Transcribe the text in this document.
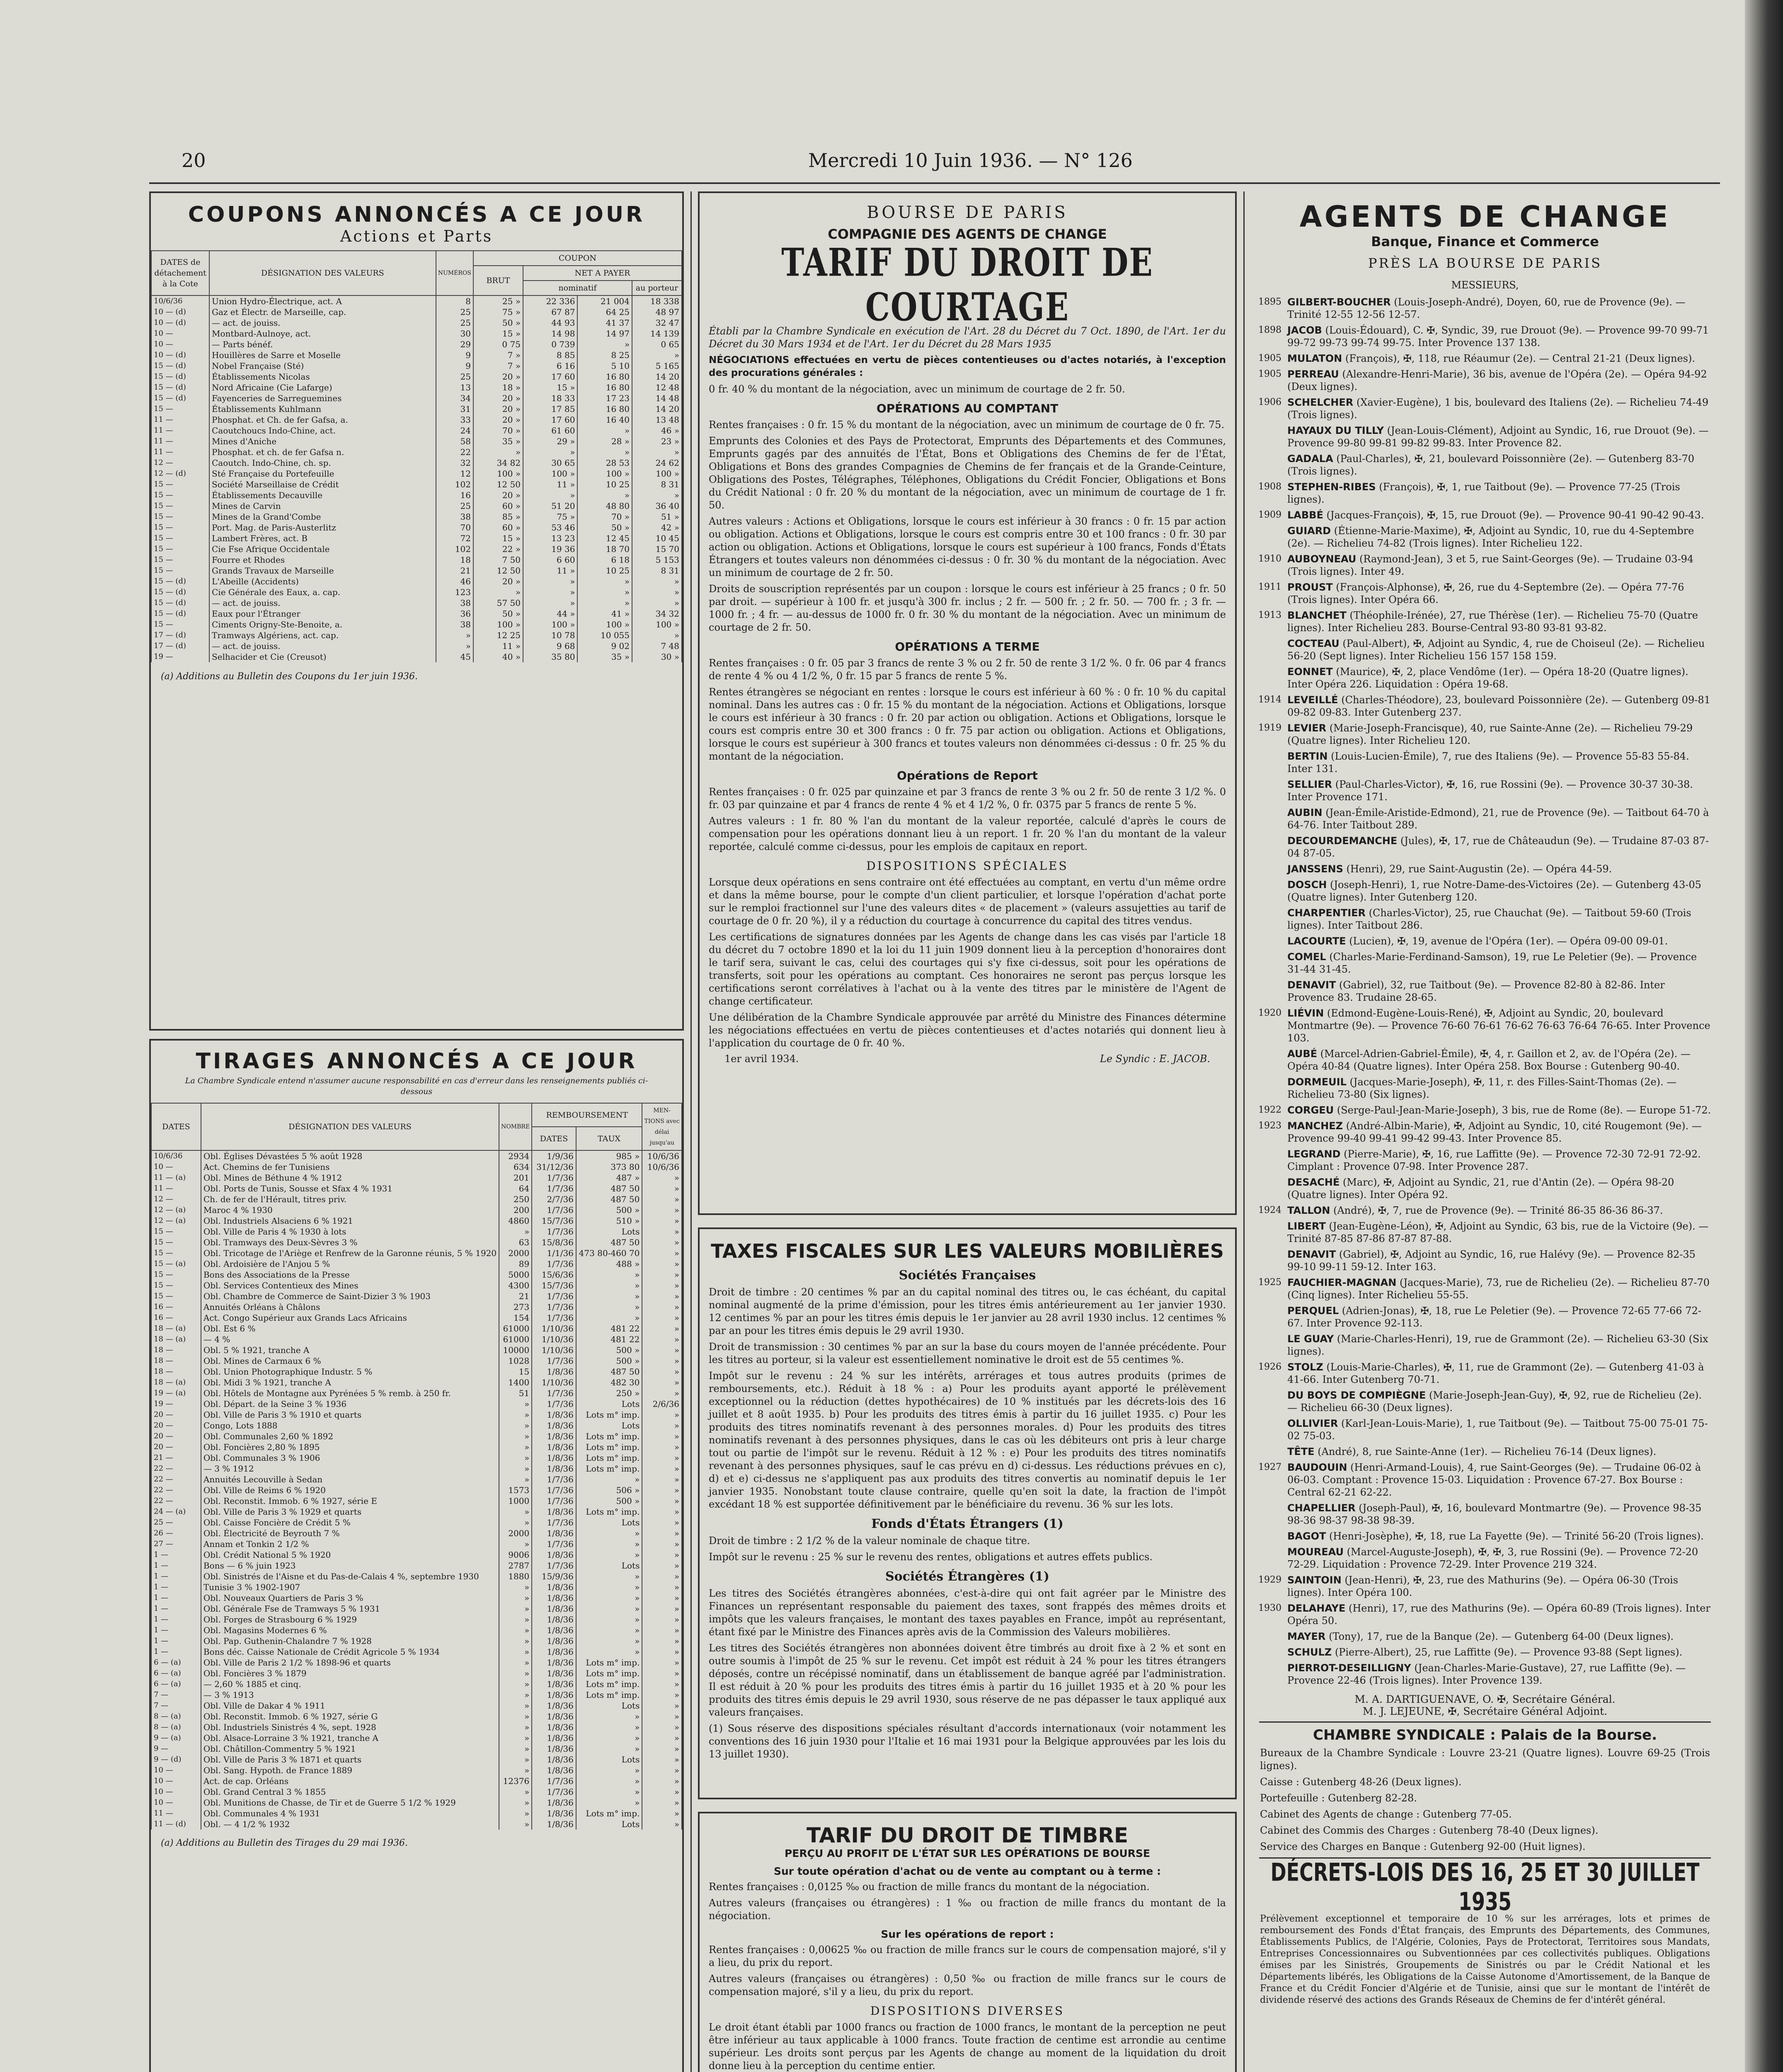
20	Mercredi 10 Juin 1936. — N° 126
COUPONS ANNONCÉS A CE JOUR
Actions et Parts
DATES de détachement à la Cote	DÉSIGNATION DES VALEURS	NUMÉROS	COUPON			
			BRUT	NET A PAYER		
				nominatif		au porteur
10/6/36	Union Hydro-Électrique, act. A	8	25 »	22 336	21 004	18 338
10 — (d)	Gaz et Électr. de Marseille, cap.	25	75 »	67 87	64 25	48 97
10 — (d)	— act. de jouiss.	25	50 »	44 93	41 37	32 47
10 —	Montbard-Aulnoye, act.	30	15 »	14 98	14 97	14 139
10 —	— Parts bénéf.	29	0 75	0 739	»	0 65
10 — (d)	Houillères de Sarre et Moselle	9	7 »	8 85	8 25	»
15 — (d)	Nobel Française (Sté)	9	7 »	6 16	5 10	5 165
15 — (d)	Établissements Nicolas	25	20 »	17 60	16 80	14 20
15 — (d)	Nord Africaine (Cie Lafarge)	13	18 »	15 »	16 80	12 48
15 — (d)	Fayenceries de Sarreguemines	34	20 »	18 33	17 23	14 48
15 —	Établissements Kuhlmann	31	20 »	17 85	16 80	14 20
11 —	Phosphat. et Ch. de fer Gafsa, a.	33	20 »	17 60	16 40	13 48
11 —	Caoutchoucs Indo-Chine, act.	24	70 »	61 60	»	46 »
11 —	Mines d'Aniche	58	35 »	29 »	28 »	23 »
11 —	Phosphat. et ch. de fer Gafsa n.	22	»	»	»	»
12 —	Caoutch. Indo-Chine, ch. sp.	32	34 82	30 65	28 53	24 62
12 — (d)	Sté Française du Portefeuille	12	100 »	100 »	100 »	100 »
15 —	Société Marseillaise de Crédit	102	12 50	11 »	10 25	8 31
15 —	Établissements Decauville	16	20 »	»	»	»
15 —	Mines de Carvin	25	60 »	51 20	48 80	36 40
15 —	Mines de la Grand'Combe	38	85 »	75 »	70 »	51 »
15 —	Port. Mag. de Paris-Austerlitz	70	60 »	53 46	50 »	42 »
15 —	Lambert Frères, act. B	72	15 »	13 23	12 45	10 45
15 —	Cie Fse Afrique Occidentale	102	22 »	19 36	18 70	15 70
15 —	Fourre et Rhodes	18	7 50	6 60	6 18	5 153
15 —	Grands Travaux de Marseille	21	12 50	11 »	10 25	8 31
15 — (d)	L'Abeille (Accidents)	46	20 »	»	»	»
15 — (d)	Cie Générale des Eaux, a. cap.	123	»	»	»	»
15 — (d)	— act. de jouiss.	38	57 50	»	»	»
15 — (d)	Eaux pour l'Étranger	36	50 »	44 »	41 »	34 32
15 —	Ciments Origny-Ste-Benoite, a.	38	100 »	100 »	100 »	100 »
17 — (d)	Tramways Algériens, act. cap.	»	12 25	10 78	10 055	»
17 — (d)	— act. de jouiss.	»	11 »	9 68	9 02	7 48
19 —	Selhacider et Cie (Creusot)	45	40 »	35 80	35 »	30 »
(a) Additions au Bulletin des Coupons du 1er juin 1936.
TIRAGES ANNONCÉS A CE JOUR
La Chambre Syndicale entend n'assumer aucune responsabilité en cas d'erreur dans les renseignements publiés ci-dessous
DATES	DÉSIGNATION DES VALEURS	NOMBRE	REMBOURSEMENT		MEN-TIONS avec délai jusqu'au
			DATES	TAUX	
10/6/36	Obl. Églises Dévastées 5 % août 1928	2934	1/9/36	985 »	10/6/36
10 —	Act. Chemins de fer Tunisiens	634	31/12/36	373 80	10/6/36
11 — (a)	Obl. Mines de Béthune 4 % 1912	201	1/7/36	487 »	»
11 —	Obl. Ports de Tunis, Sousse et Sfax 4 % 1931	64	1/7/36	487 50	»
12 —	Ch. de fer de l'Hérault, titres priv.	250	2/7/36	487 50	»
12 — (a)	Maroc 4 % 1930	200	1/7/36	500 »	»
12 — (a)	Obl. Industriels Alsaciens 6 % 1921	4860	15/7/36	510 »	»
15 —	Obl. Ville de Paris 4 % 1930 à lots	»	1/7/36	Lots	»
15 —	Obl. Tramways des Deux-Sèvres 3 %	63	15/8/36	487 50	»
15 —	Obl. Tricotage de l'Ariège et Renfrew de la Garonne réunis, 5 % 1920	2000	1/1/36	473 80-460 70	»
15 — (a)	Obl. Ardoisière de l'Anjou 5 %	89	1/7/36	488 »	»
15 —	Bons des Associations de la Presse	5000	15/6/36	»	»
15 —	Obl. Services Contentieux des Mines	4300	15/7/36	»	»
15 —	Obl. Chambre de Commerce de Saint-Dizier 3 % 1903	21	1/7/36	»	»
16 —	Annuités Orléans à Châlons	273	1/7/36	»	»
16 —	Act. Congo Supérieur aux Grands Lacs Africains	154	1/7/36	»	»
18 — (a)	Obl. Est 6 %	61000	1/10/36	481 22	»
18 — (a)	— 4 %	61000	1/10/36	481 22	»
18 —	Obl. 5 % 1921, tranche A	10000	1/10/36	500 »	»
18 —	Obl. Mines de Carmaux 6 %	1028	1/7/36	500 »	»
18 —	Obl. Union Photographique Industr. 5 %	15	1/8/36	487 50	»
18 — (a)	Obl. Midi 3 % 1921, tranche A	1400	1/10/36	482 30	»
19 — (a)	Obl. Hôtels de Montagne aux Pyrénées 5 % remb. à 250 fr.	51	1/7/36	250 »	»
19 —	Obl. Départ. de la Seine 3 % 1936	»	1/7/36	Lots	2/6/36
20 —	Obl. Ville de Paris 3 % 1910 et quarts	»	1/8/36	Lots m° imp.	»
20 —	Congo, Lots 1888	»	1/8/36	Lots	»
20 —	Obl. Communales 2,60 % 1892	»	1/8/36	Lots m° imp.	»
20 —	Obl. Foncières 2,80 % 1895	»	1/8/36	Lots m° imp.	»
21 —	Obl. Communales 3 % 1906	»	1/8/36	Lots m° imp.	»
22 —	— 3 % 1912	»	1/8/36	Lots m° imp.	»
22 —	Annuités Lecouville à Sedan	»	1/7/36	»	»
22 —	Obl. Ville de Reims 6 % 1920	1573	1/7/36	506 »	»
22 —	Obl. Reconstit. Immob. 6 % 1927, série E	1000	1/7/36	500 »	»
24 — (a)	Obl. Ville de Paris 3 % 1929 et quarts	»	1/8/36	Lots m° imp.	»
25 —	Obl. Caisse Foncière de Crédit 5 %	»	1/7/36	Lots	»
26 —	Obl. Électricité de Beyrouth 7 %	2000	1/8/36	»	»
27 —	Annam et Tonkin 2 1/2 %	»	1/7/36	»	»
1 —	Obl. Crédit National 5 % 1920	9006	1/8/36	»	»
1 —	Bons — 6 % juin 1923	2787	1/7/36	Lots	»
1 —	Obl. Sinistrés de l'Aisne et du Pas-de-Calais 4 %, septembre 1930	1880	15/9/36	»	»
1 —	Tunisie 3 % 1902-1907	»	1/8/36	»	»
1 —	Obl. Nouveaux Quartiers de Paris 3 %	»	1/8/36	»	»
1 —	Obl. Générale Fse de Tramways 5 % 1931	»	1/8/36	»	»
1 —	Obl. Forges de Strasbourg 6 % 1929	»	1/8/36	»	»
1 —	Obl. Magasins Modernes 6 %	»	1/8/36	»	»
1 —	Obl. Pap. Guthenin-Chalandre 7 % 1928	»	1/8/36	»	»
1 —	Bons déc. Caisse Nationale de Crédit Agricole 5 % 1934	»	1/8/36	»	»
6 — (a)	Obl. Ville de Paris 2 1/2 % 1898-96 et quarts	»	1/8/36	Lots m° imp.	»
6 — (a)	Obl. Foncières 3 % 1879	»	1/8/36	Lots m° imp.	»
6 — (a)	— 2,60 % 1885 et cinq.	»	1/8/36	Lots m° imp.	»
7 —	— 3 % 1913	»	1/8/36	Lots m° imp.	»
7 —	Obl. Ville de Dakar 4 % 1911	»	1/8/36	Lots	»
8 — (a)	Obl. Reconstit. Immob. 6 % 1927, série G	»	1/8/36	»	»
8 — (a)	Obl. Industriels Sinistrés 4 %, sept. 1928	»	1/8/36	»	»
9 — (a)	Obl. Alsace-Lorraine 3 % 1921, tranche A	»	1/8/36	»	»
9 —	Obl. Châtillon-Commentry 5 % 1921	»	1/8/36	»	»
9 — (d)	Obl. Ville de Paris 3 % 1871 et quarts	»	1/8/36	Lots	»
10 —	Obl. Sang. Hypoth. de France 1889	»	1/8/36	»	»
10 —	Act. de cap. Orléans	12376	1/7/36	»	»
10 —	Obl. Grand Central 3 % 1855	»	1/7/36	»	»
10 —	Obl. Munitions de Chasse, de Tir et de Guerre 5 1/2 % 1929	»	1/8/36	»	»
11 —	Obl. Communales 4 % 1931	»	1/8/36	Lots m° imp.	»
11 — (d)	Obl. — 4 1/2 % 1932	»	1/8/36	Lots	»
(a) Additions au Bulletin des Tirages du 29 mai 1936.
BOURSE DE PARIS
COMPAGNIE DES AGENTS DE CHANGE
TARIF DU DROIT DE COURTAGE
Établi par la Chambre Syndicale en exécution de l'Art. 28 du Décret du 7 Oct. 1890, de l'Art. 1er du Décret du 30 Mars 1934 et de l'Art. 1er du Décret du 28 Mars 1935
NÉGOCIATIONS effectuées en vertu de pièces contentieuses ou d'actes notariés, à l'exception des procurations générales :
0 fr. 40 % du montant de la négociation, avec un minimum de courtage de 2 fr. 50.
OPÉRATIONS AU COMPTANT
Rentes françaises : 0 fr. 15 % du montant de la négociation, avec un minimum de courtage de 0 fr. 75.
Emprunts des Colonies et des Pays de Protectorat, Emprunts des Départements et des Communes, Emprunts gagés par des annuités de l'État, Bons et Obligations des Chemins de fer de l'État, Obligations et Bons des grandes Compagnies de Chemins de fer français et de la Grande-Ceinture, Obligations des Postes, Télégraphes, Téléphones, Obligations du Crédit Foncier, Obligations et Bons du Crédit National : 0 fr. 20 % du montant de la négociation, avec un minimum de courtage de 1 fr. 50.
Autres valeurs : Actions et Obligations, lorsque le cours est inférieur à 30 francs : 0 fr. 15 par action ou obligation. Actions et Obligations, lorsque le cours est compris entre 30 et 100 francs : 0 fr. 30 par action ou obligation. Actions et Obligations, lorsque le cours est supérieur à 100 francs, Fonds d'États Étrangers et toutes valeurs non dénommées ci-dessus : 0 fr. 30 % du montant de la négociation. Avec un minimum de courtage de 2 fr. 50.
Droits de souscription représentés par un coupon : lorsque le cours est inférieur à 25 francs ; 0 fr. 50 par droit. — supérieur à 100 fr. et jusqu'à 300 fr. inclus ; 2 fr. — 500 fr. ; 2 fr. 50. — 700 fr. ; 3 fr. — 1000 fr. ; 4 fr. — au-dessus de 1000 fr. 0 fr. 30 % du montant de la négociation. Avec un minimum de courtage de 2 fr. 50.
OPÉRATIONS A TERME
Rentes françaises : 0 fr. 05 par 3 francs de rente 3 % ou 2 fr. 50 de rente 3 1/2 %. 0 fr. 06 par 4 francs de rente 4 % ou 4 1/2 %, 0 fr. 15 par 5 francs de rente 5 %.
Rentes étrangères se négociant en rentes : lorsque le cours est inférieur à 60 % : 0 fr. 10 % du capital nominal. Dans les autres cas : 0 fr. 15 % du montant de la négociation. Actions et Obligations, lorsque le cours est inférieur à 30 francs : 0 fr. 20 par action ou obligation. Actions et Obligations, lorsque le cours est compris entre 30 et 300 francs : 0 fr. 75 par action ou obligation. Actions et Obligations, lorsque le cours est supérieur à 300 francs et toutes valeurs non dénommées ci-dessus : 0 fr. 25 % du montant de la négociation.
Opérations de Report
Rentes françaises : 0 fr. 025 par quinzaine et par 3 francs de rente 3 % ou 2 fr. 50 de rente 3 1/2 %. 0 fr. 03 par quinzaine et par 4 francs de rente 4 % et 4 1/2 %, 0 fr. 0375 par 5 francs de rente 5 %.
Autres valeurs : 1 fr. 80 % l'an du montant de la valeur reportée, calculé d'après le cours de compensation pour les opérations donnant lieu à un report. 1 fr. 20 % l'an du montant de la valeur reportée, calculé comme ci-dessus, pour les emplois de capitaux en report.
DISPOSITIONS SPÉCIALES
Lorsque deux opérations en sens contraire ont été effectuées au comptant, en vertu d'un même ordre et dans la même bourse, pour le compte d'un client particulier, et lorsque l'opération d'achat porte sur le remploi fractionnel sur l'une des valeurs dites « de placement » (valeurs assujetties au tarif de courtage de 0 fr. 20 %), il y a réduction du courtage à concurrence du capital des titres vendus.
Les certifications de signatures données par les Agents de change dans les cas visés par l'article 18 du décret du 7 octobre 1890 et la loi du 11 juin 1909 donnent lieu à la perception d'honoraires dont le tarif sera, suivant le cas, celui des courtages qui s'y fixe ci-dessus, soit pour les opérations de transferts, soit pour les opérations au comptant. Ces honoraires ne seront pas perçus lorsque les certifications seront corrélatives à l'achat ou à la vente des titres par le ministère de l'Agent de change certificateur.
Une délibération de la Chambre Syndicale approuvée par arrêté du Ministre des Finances détermine les négociations effectuées en vertu de pièces contentieuses et d'actes notariés qui donnent lieu à l'application du courtage de 0 fr. 40 %.
1er avril 1934.	Le Syndic : E. JACOB.
TAXES FISCALES SUR LES VALEURS MOBILIÈRES
Sociétés Françaises
Droit de timbre : 20 centimes % par an du capital nominal des titres ou, le cas échéant, du capital nominal augmenté de la prime d'émission, pour les titres émis antérieurement au 1er janvier 1930. 12 centimes % par an pour les titres émis depuis le 1er janvier au 28 avril 1930 inclus. 12 centimes % par an pour les titres émis depuis le 29 avril 1930.
Droit de transmission : 30 centimes % par an sur la base du cours moyen de l'année précédente. Pour les titres au porteur, si la valeur est essentiellement nominative le droit est de 55 centimes %.
Impôt sur le revenu : 24 % sur les intérêts, arrérages et tous autres produits (primes de remboursements, etc.). Réduit à 18 % : a) Pour les produits ayant apporté le prélèvement exceptionnel ou la réduction (dettes hypothécaires) de 10 % institués par les décrets-lois des 16 juillet et 8 août 1935. b) Pour les produits des titres émis à partir du 16 juillet 1935. c) Pour les produits des titres nominatifs revenant à des personnes morales. d) Pour les produits des titres nominatifs revenant à des personnes physiques, dans le cas où les débiteurs ont pris à leur charge tout ou partie de l'impôt sur le revenu. Réduit à 12 % : e) Pour les produits des titres nominatifs revenant à des personnes physiques, sauf le cas prévu en d) ci-dessus. Les réductions prévues en c), d) et e) ci-dessus ne s'appliquent pas aux produits des titres convertis au nominatif depuis le 1er janvier 1935. Nonobstant toute clause contraire, quelle qu'en soit la date, la fraction de l'impôt excédant 18 % est supportée définitivement par le bénéficiaire du revenu. 36 % sur les lots.
Fonds d'États Étrangers (1)
Droit de timbre : 2 1/2 % de la valeur nominale de chaque titre.
Impôt sur le revenu : 25 % sur le revenu des rentes, obligations et autres effets publics.
Sociétés Étrangères (1)
Les titres des Sociétés étrangères abonnées, c'est-à-dire qui ont fait agréer par le Ministre des Finances un représentant responsable du paiement des taxes, sont frappés des mêmes droits et impôts que les valeurs françaises, le montant des taxes payables en France, impôt au représentant, étant fixé par le Ministre des Finances après avis de la Commission des Valeurs mobilières.
Les titres des Sociétés étrangères non abonnées doivent être timbrés au droit fixe à 2 % et sont en outre soumis à l'impôt de 25 % sur le revenu. Cet impôt est réduit à 24 % pour les titres étrangers déposés, contre un récépissé nominatif, dans un établissement de banque agréé par l'administration. Il est réduit à 20 % pour les produits des titres émis à partir du 16 juillet 1935 et à 20 % pour les produits des titres émis depuis le 29 avril 1930, sous réserve de ne pas dépasser le taux appliqué aux valeurs françaises.
(1) Sous réserve des dispositions spéciales résultant d'accords internationaux (voir notamment les conventions des 16 juin 1930 pour l'Italie et 16 mai 1931 pour la Belgique approuvées par les lois du 13 juillet 1930).
TARIF DU DROIT DE TIMBRE
PERÇU AU PROFIT DE L'ÉTAT SUR LES OPÉRATIONS DE BOURSE
Sur toute opération d'achat ou de vente au comptant ou à terme :
Rentes françaises : 0,0125 ‰ ou fraction de mille francs du montant de la négociation.
Autres valeurs (françaises ou étrangères) : 1 ‰ ou fraction de mille francs du montant de la négociation.
Sur les opérations de report :
Rentes françaises : 0,00625 ‰ ou fraction de mille francs sur le cours de compensation majoré, s'il y a lieu, du prix du report.
Autres valeurs (françaises ou étrangères) : 0,50 ‰ ou fraction de mille francs sur le cours de compensation majoré, s'il y a lieu, du prix du report.
DISPOSITIONS DIVERSES
Le droit étant établi par 1000 francs ou fraction de 1000 francs, le montant de la perception ne peut être inférieur au taux applicable à 1000 francs. Toute fraction de centime est arrondie au centime supérieur. Les droits sont perçus par les Agents de change au moment de la liquidation du droit donne lieu à la perception du centime entier.
AGENTS DE CHANGE
Banque, Finance et Commerce
PRÈS LA BOURSE DE PARIS
MESSIEURS,
1895 GILBERT-BOUCHER (Louis-Joseph-André), Doyen, 60, rue de Provence (9e). — Trinité 12-55 12-56 12-57.
1898 JACOB (Louis-Édouard), C. ✠, Syndic, 39, rue Drouot (9e). — Provence 99-70 99-71 99-72 99-73 99-74 99-75. Inter Provence 137 138.
1905 MULATON (François), ✠, 118, rue Réaumur (2e). — Central 21-21 (Deux lignes).
1905 PERREAU (Alexandre-Henri-Marie), 36 bis, avenue de l'Opéra (2e). — Opéra 94-92 (Deux lignes).
1906 SCHELCHER (Xavier-Eugène), 1 bis, boulevard des Italiens (2e). — Richelieu 74-49 (Trois lignes).
HAYAUX DU TILLY (Jean-Louis-Clément), Adjoint au Syndic, 16, rue Drouot (9e). — Provence 99-80 99-81 99-82 99-83. Inter Provence 82.
GADALA (Paul-Charles), ✠, 21, boulevard Poissonnière (2e). — Gutenberg 83-70 (Trois lignes).
1908 STEPHEN-RIBES (François), ✠, 1, rue Taitbout (9e). — Provence 77-25 (Trois lignes).
1909 LABBÉ (Jacques-François), ✠, 15, rue Drouot (9e). — Provence 90-41 90-42 90-43.
GUIARD (Étienne-Marie-Maxime), ✠, Adjoint au Syndic, 10, rue du 4-Septembre (2e). — Richelieu 74-82 (Trois lignes). Inter Richelieu 122.
1910 AUBOYNEAU (Raymond-Jean), 3 et 5, rue Saint-Georges (9e). — Trudaine 03-94 (Trois lignes). Inter 49.
1911 PROUST (François-Alphonse), ✠, 26, rue du 4-Septembre (2e). — Opéra 77-76 (Trois lignes). Inter Opéra 66.
1913 BLANCHET (Théophile-Irénée), 27, rue Thérèse (1er). — Richelieu 75-70 (Quatre lignes). Inter Richelieu 283. Bourse-Central 93-80 93-81 93-82.
COCTEAU (Paul-Albert), ✠, Adjoint au Syndic, 4, rue de Choiseul (2e). — Richelieu 56-20 (Sept lignes). Inter Richelieu 156 157 158 159.
EONNET (Maurice), ✠, 2, place Vendôme (1er). — Opéra 18-20 (Quatre lignes). Inter Opéra 226. Liquidation : Opéra 19-68.
1914 LEVEILLÉ (Charles-Théodore), 23, boulevard Poissonnière (2e). — Gutenberg 09-81 09-82 09-83. Inter Gutenberg 237.
1919 LEVIER (Marie-Joseph-Francisque), 40, rue Sainte-Anne (2e). — Richelieu 79-29 (Quatre lignes). Inter Richelieu 120.
BERTIN (Louis-Lucien-Émile), 7, rue des Italiens (9e). — Provence 55-83 55-84. Inter 131.
SELLIER (Paul-Charles-Victor), ✠, 16, rue Rossini (9e). — Provence 30-37 30-38. Inter Provence 171.
AUBIN (Jean-Émile-Aristide-Edmond), 21, rue de Provence (9e). — Taitbout 64-70 à 64-76. Inter Taitbout 289.
DECOURDEMANCHE (Jules), ✠, 17, rue de Châteaudun (9e). — Trudaine 87-03 87-04 87-05.
JANSSENS (Henri), 29, rue Saint-Augustin (2e). — Opéra 44-59.
DOSCH (Joseph-Henri), 1, rue Notre-Dame-des-Victoires (2e). — Gutenberg 43-05 (Quatre lignes). Inter Gutenberg 120.
CHARPENTIER (Charles-Victor), 25, rue Chauchat (9e). — Taitbout 59-60 (Trois lignes). Inter Taitbout 286.
LACOURTE (Lucien), ✠, 19, avenue de l'Opéra (1er). — Opéra 09-00 09-01.
COMEL (Charles-Marie-Ferdinand-Samson), 19, rue Le Peletier (9e). — Provence 31-44 31-45.
DENAVIT (Gabriel), 32, rue Taitbout (9e). — Provence 82-80 à 82-86. Inter Provence 83. Trudaine 28-65.
1920 LIÉVIN (Edmond-Eugène-Louis-René), ✠, Adjoint au Syndic, 20, boulevard Montmartre (9e). — Provence 76-60 76-61 76-62 76-63 76-64 76-65. Inter Provence 103.
AUBÉ (Marcel-Adrien-Gabriel-Émile), ✠, 4, r. Gaillon et 2, av. de l'Opéra (2e). — Opéra 40-84 (Quatre lignes). Inter Opéra 258. Box Bourse : Gutenberg 90-40.
DORMEUIL (Jacques-Marie-Joseph), ✠, 11, r. des Filles-Saint-Thomas (2e). — Richelieu 73-80 (Six lignes).
1922 CORGEU (Serge-Paul-Jean-Marie-Joseph), 3 bis, rue de Rome (8e). — Europe 51-72.
1923 MANCHEZ (André-Albin-Marie), ✠, Adjoint au Syndic, 10, cité Rougemont (9e). — Provence 99-40 99-41 99-42 99-43. Inter Provence 85.
LEGRAND (Pierre-Marie), ✠, 16, rue Laffitte (9e). — Provence 72-30 72-91 72-92. Cimplant : Provence 07-98. Inter Provence 287.
DESACHÉ (Marc), ✠, Adjoint au Syndic, 21, rue d'Antin (2e). — Opéra 98-20 (Quatre lignes). Inter Opéra 92.
1924 TALLON (André), ✠, 7, rue de Provence (9e). — Trinité 86-35 86-36 86-37.
LIBERT (Jean-Eugène-Léon), ✠, Adjoint au Syndic, 63 bis, rue de la Victoire (9e). — Trinité 87-85 87-86 87-87 87-88.
DENAVIT (Gabriel), ✠, Adjoint au Syndic, 16, rue Halévy (9e). — Provence 82-35 99-10 99-11 59-12. Inter 163.
1925 FAUCHIER-MAGNAN (Jacques-Marie), 73, rue de Richelieu (2e). — Richelieu 87-70 (Cinq lignes). Inter Richelieu 55-55.
PERQUEL (Adrien-Jonas), ✠, 18, rue Le Peletier (9e). — Provence 72-65 77-66 72-67. Inter Provence 92-113.
LE GUAY (Marie-Charles-Henri), 19, rue de Grammont (2e). — Richelieu 63-30 (Six lignes).
1926 STOLZ (Louis-Marie-Charles), ✠, 11, rue de Grammont (2e). — Gutenberg 41-03 à 41-66. Inter Gutenberg 70-71.
DU BOYS DE COMPIÈGNE (Marie-Joseph-Jean-Guy), ✠, 92, rue de Richelieu (2e). — Richelieu 66-30 (Deux lignes).
OLLIVIER (Karl-Jean-Louis-Marie), 1, rue Taitbout (9e). — Taitbout 75-00 75-01 75-02 75-03.
TÊTE (André), 8, rue Sainte-Anne (1er). — Richelieu 76-14 (Deux lignes).
1927 BAUDOUIN (Henri-Armand-Louis), 4, rue Saint-Georges (9e). — Trudaine 06-02 à 06-03. Comptant : Provence 15-03. Liquidation : Provence 67-27. Box Bourse : Central 62-21 62-22.
CHAPELLIER (Joseph-Paul), ✠, 16, boulevard Montmartre (9e). — Provence 98-35 98-36 98-37 98-38 98-39.
BAGOT (Henri-Josèphe), ✠, 18, rue La Fayette (9e). — Trinité 56-20 (Trois lignes).
MOUREAU (Marcel-Auguste-Joseph), ✠, ✠, 3, rue Rossini (9e). — Provence 72-20 72-29. Liquidation : Provence 72-29. Inter Provence 219 324.
1929 SAINTOIN (Jean-Henri), ✠, 23, rue des Mathurins (9e). — Opéra 06-30 (Trois lignes). Inter Opéra 100.
1930 DELAHAYE (Henri), 17, rue des Mathurins (9e). — Opéra 60-89 (Trois lignes). Inter Opéra 50.
MAYER (Tony), 17, rue de la Banque (2e). — Gutenberg 64-00 (Deux lignes).
SCHULZ (Pierre-Albert), 25, rue Laffitte (9e). — Provence 93-88 (Sept lignes).
PIERROT-DESEILLIGNY (Jean-Charles-Marie-Gustave), 27, rue Laffitte (9e). — Provence 22-46 (Trois lignes). Inter Provence 139.
M. A. DARTIGUENAVE, O. ✠, Secrétaire Général.
M. J. LEJEUNE, ✠, Secrétaire Général Adjoint.
CHAMBRE SYNDICALE : Palais de la Bourse.
Bureaux de la Chambre Syndicale : Louvre 23-21 (Quatre lignes). Louvre 69-25 (Trois lignes).
Caisse : Gutenberg 48-26 (Deux lignes).
Portefeuille : Gutenberg 82-28.
Cabinet des Agents de change : Gutenberg 77-05.
Cabinet des Commis des Charges : Gutenberg 78-40 (Deux lignes).
Service des Charges en Banque : Gutenberg 92-00 (Huit lignes).
DÉCRETS-LOIS DES 16, 25 ET 30 JUILLET 1935
Prélèvement exceptionnel et temporaire de 10 % sur les arrérages, lots et primes de remboursement des Fonds d'État français, des Emprunts des Départements, des Communes, Établissements Publics, de l'Algérie, Colonies, Pays de Protectorat, Territoires sous Mandats, Entreprises Concessionnaires ou Subventionnées par ces collectivités publiques. Obligations émises par les Sinistrés, Groupements de Sinistrés ou par le Crédit National et les Départements libérés, les Obligations de la Caisse Autonome d'Amortissement, de la Banque de France et du Crédit Foncier d'Algérie et de Tunisie, ainsi que sur le montant de l'intérêt de dividende réservé des actions des Grands Réseaux de Chemins de fer d'intérêt général.
